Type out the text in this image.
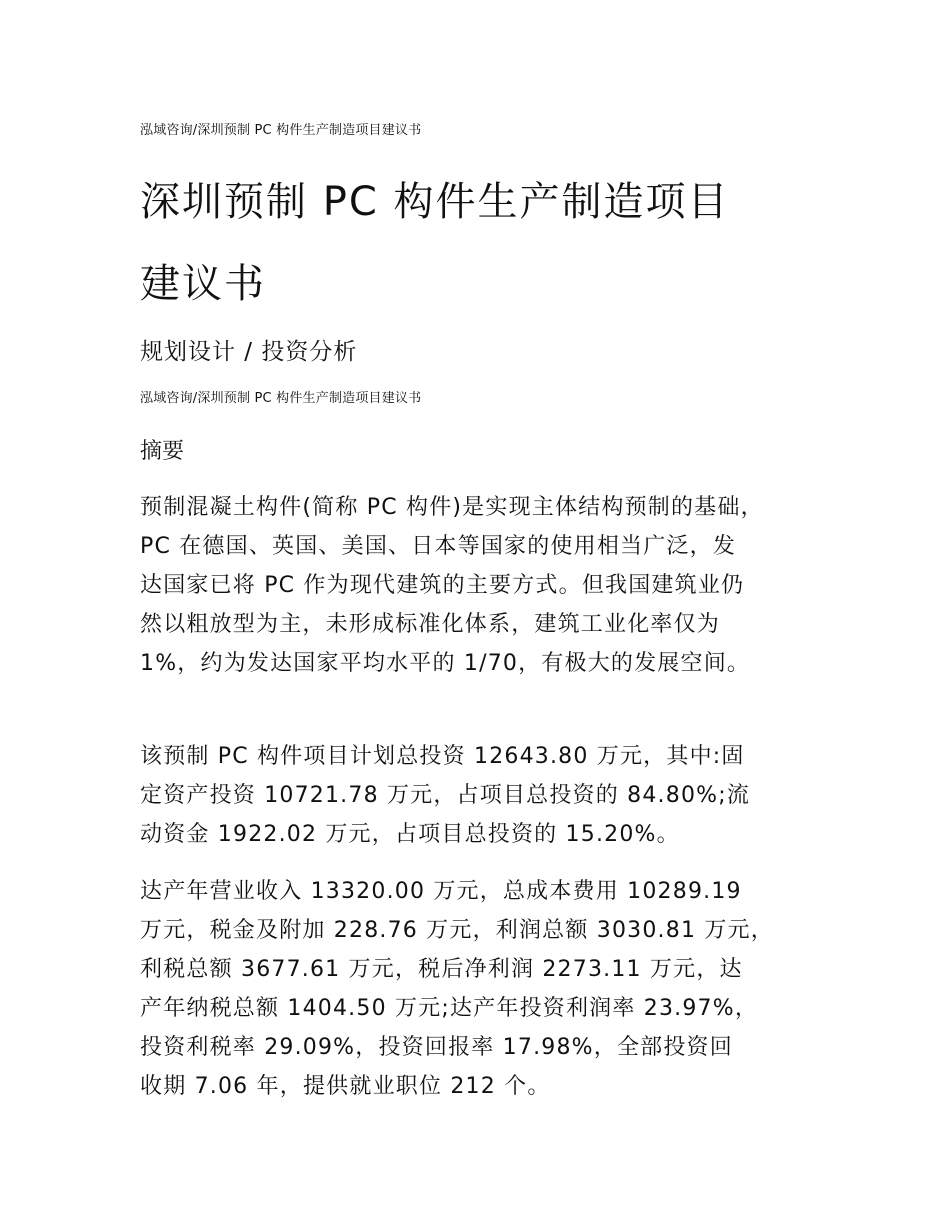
泓域咨询/深圳预制 PC 构件生产制造项目建议书
深圳预制 PC 构件生产制造项目
建议书
规划设计 / 投资分析
泓域咨询/深圳预制 PC 构件生产制造项目建议书
摘要
预制混凝土构件(简称 PC 构件)是实现主体结构预制的基础，
PC 在德国、英国、美国、日本等国家的使用相当广泛，发
达国家已将 PC 作为现代建筑的主要方式。但我国建筑业仍
然以粗放型为主，未形成标准化体系，建筑工业化率仅为
1%，约为发达国家平均水平的 1/70，有极大的发展空间。
该预制 PC 构件项目计划总投资 12643.80 万元，其中:固
定资产投资 10721.78 万元，占项目总投资的 84.80%;流
动资金 1922.02 万元，占项目总投资的 15.20%。
达产年营业收入 13320.00 万元，总成本费用 10289.19
万元，税金及附加 228.76 万元，利润总额 3030.81 万元，
利税总额 3677.61 万元，税后净利润 2273.11 万元，达
产年纳税总额 1404.50 万元;达产年投资利润率 23.97%，
投资利税率 29.09%，投资回报率 17.98%，全部投资回
收期 7.06 年，提供就业职位 212 个。
